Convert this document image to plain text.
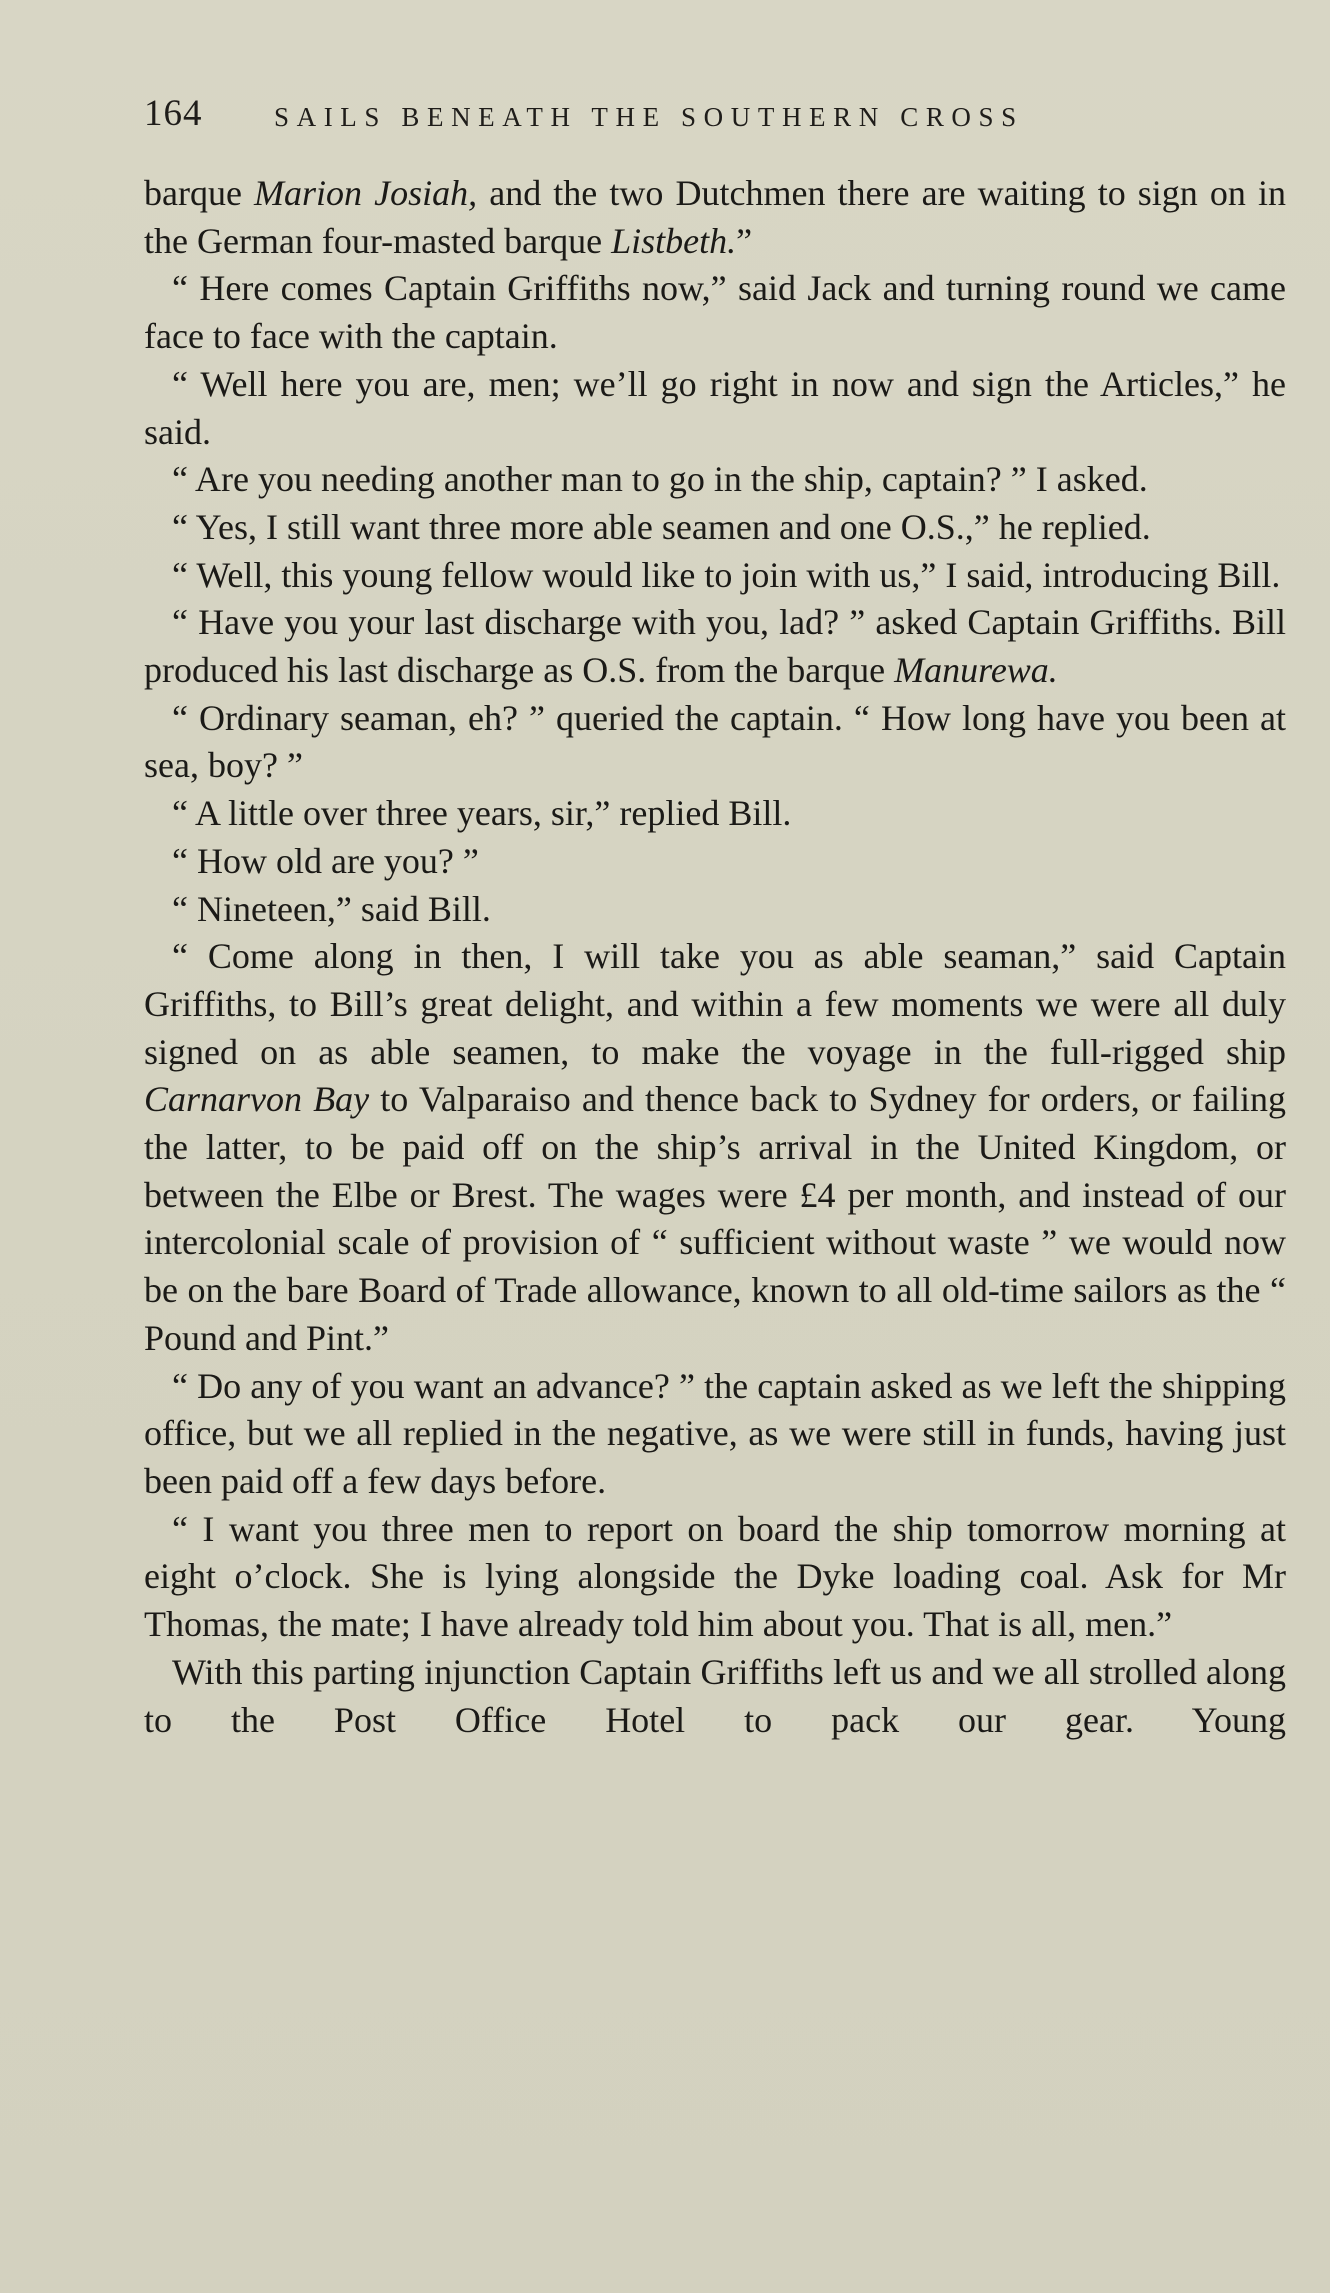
164	SAILS BENEATH THE SOUTHERN CROSS

barque Marion Josiah, and the two Dutchmen there are waiting to sign on in the German four-masted barque Listbeth.”

“ Here comes Captain Griffiths now,” said Jack and turning round we came face to face with the captain.

“ Well here you are, men; we’ll go right in now and sign the Articles,” he said.

“ Are you needing another man to go in the ship, captain? ” I asked.

“ Yes, I still want three more able seamen and one O.S.,” he replied.

“ Well, this young fellow would like to join with us,” I said, introducing Bill.

“ Have you your last discharge with you, lad? ” asked Captain Griffiths. Bill produced his last discharge as O.S. from the barque Manurewa.

“ Ordinary seaman, eh? ” queried the captain. “ How long have you been at sea, boy? ”

“ A little over three years, sir,” replied Bill.

“ How old are you? ”

“ Nineteen,” said Bill.

“ Come along in then, I will take you as able seaman,” said Captain Griffiths, to Bill’s great delight, and within a few moments we were all duly signed on as able seamen, to make the voyage in the full-rigged ship Carnarvon Bay to Valparaiso and thence back to Sydney for orders, or failing the latter, to be paid off on the ship’s arrival in the United Kingdom, or between the Elbe or Brest. The wages were £4 per month, and instead of our intercolonial scale of provision of “ sufficient without waste ” we would now be on the bare Board of Trade allowance, known to all old-time sailors as the “ Pound and Pint.”

“ Do any of you want an advance? ” the captain asked as we left the shipping office, but we all replied in the negative, as we were still in funds, having just been paid off a few days before.

“ I want you three men to report on board the ship tomorrow morning at eight o’clock. She is lying alongside the Dyke loading coal. Ask for Mr Thomas, the mate; I have already told him about you. That is all, men.”

With this parting injunction Captain Griffiths left us and we all strolled along to the Post Office Hotel to pack our gear. Young
